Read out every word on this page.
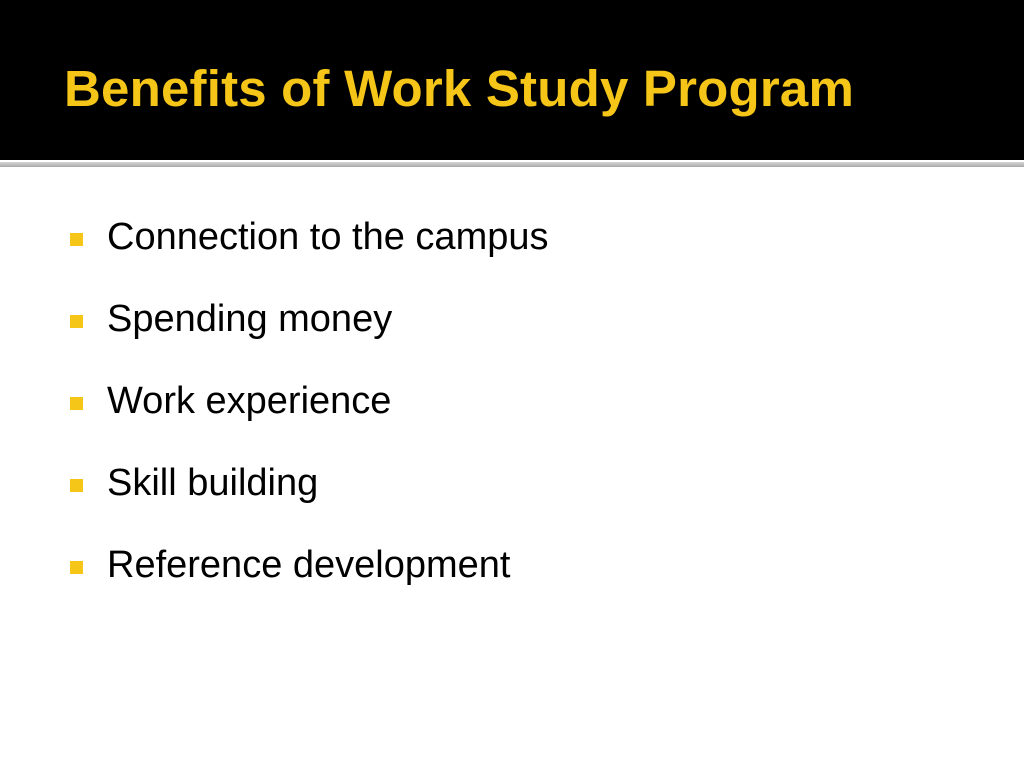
Benefits of Work Study Program
Connection to the campus
Spending money
Work experience
Skill building
Reference development
